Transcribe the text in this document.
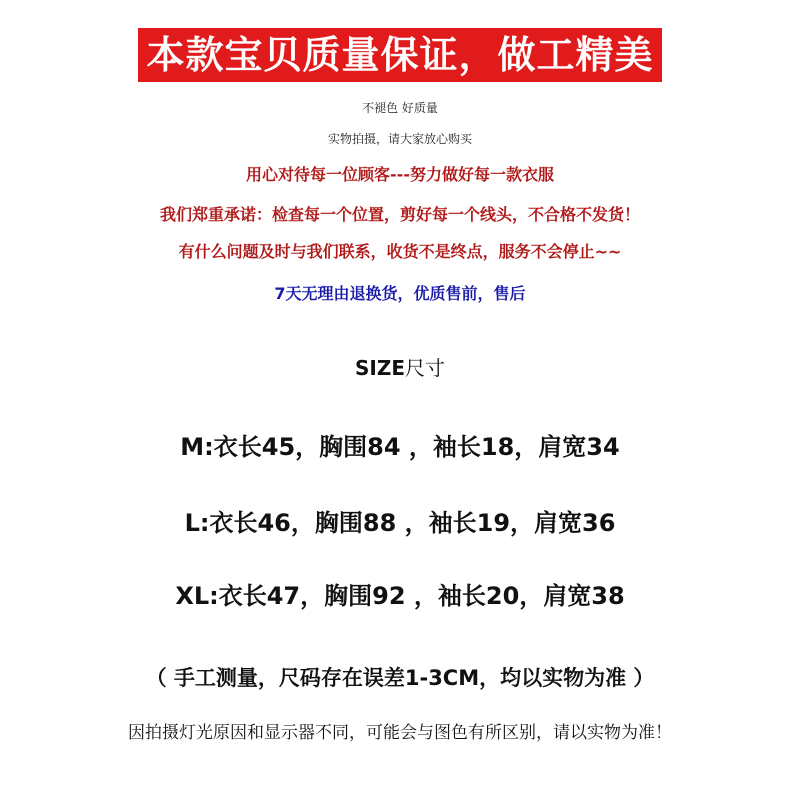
本款宝贝质量保证，做工精美
不褪色 好质量
实物拍摄，请大家放心购买
用心对待每一位顾客---努力做好每一款衣服
我们郑重承诺：检查每一个位置，剪好每一个线头，不合格不发货！
有什么问题及时与我们联系，收货不是终点，服务不会停止~~
7天无理由退换货，优质售前，售后
SIZE尺寸
M:衣长45，胸围84 ，袖长18，肩宽34
L:衣长46，胸围88 ，袖长19，肩宽36
XL:衣长47，胸围92 ，袖长20，肩宽38
（ 手工测量，尺码存在误差1-3CM，均以实物为准 ）
因拍摄灯光原因和显示器不同，可能会与图色有所区别，请以实物为准！
